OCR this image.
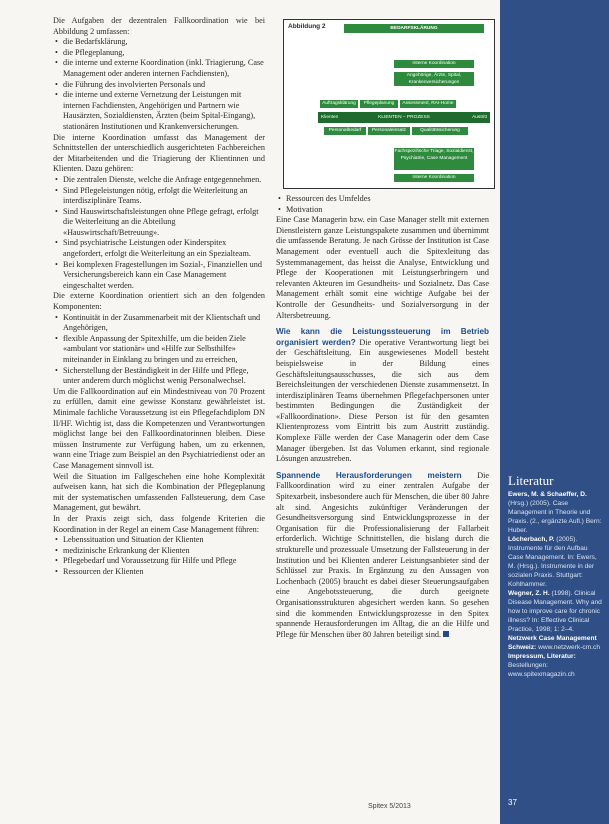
Die Aufgaben der dezentralen Fallkoordination wie bei Abbildung 2 umfassen:

• die Bedarfsklärung,
• die Pflegeplanung,
• die interne und externe Koordination (inkl. Triagierung, Case Management oder anderen internen Fachdiensten),
• die Führung des involvierten Personals und
• die interne und externe Vernetzung der Leistungen mit internen Fachdiensten, Angehörigen und Partnern wie Hausärzten, Sozialdiensten, Ärzten (beim Spital-Eingang), stationären Institutionen und Krankenversicherungen.

Die interne Koordination umfasst das Management der Schnittstellen der unterschiedlich ausgerichteten Fachbereichen der Mitarbeitenden und die Triagierung der Klientinnen und Klienten. Dazu gehören:

• Die zentralen Dienste, welche die Anfrage entgegennehmen.
• Sind Pflegeleistungen nötig, erfolgt die Weiterleitung an interdisziplinäre Teams.
• Sind Hauswirtschaftsleistungen ohne Pflege gefragt, erfolgt die Weiterleitung an die Abteilung «Hauswirtschaft/Betreuung».
• Sind psychiatrische Leistungen oder Kinderspitex angefordert, erfolgt die Weiterleitung an ein Spezialteam.
• Bei komplexen Fragestellungen im Sozial-, Finanziellen und Versicherungsbereich kann ein Case Management eingeschaltet werden.

Die externe Koordination orientiert sich an den folgenden Komponenten:

• Kontinuität in der Zusammenarbeit mit der Klientschaft und Angehörigen,
• flexible Anpassung der Spitexhilfe, um die beiden Ziele «ambulant vor stationär» und «Hilfe zur Selbsthilfe» miteinander in Einklang zu bringen und zu erreichen,
• Sicherstellung der Beständigkeit in der Hilfe und Pflege, unter anderem durch möglichst wenig Personalwechsel.

Um die Fallkoordination auf ein Mindestniveau von 70 Prozent zu erfüllen, damit eine gewisse Konstanz gewährleistet ist. Minimale fachliche Voraussetzung ist ein Pflegefachdiplom DN II/HF. Wichtig ist, dass die Kompetenzen und Verantwortungen möglichst lange bei den Fallkoordinatorinnen bleiben. Diese müssen Instrumente zur Verfügung haben, um zu erkennen, wann eine Triage zum Beispiel an den Psychiatriedienst oder an Case Management sinnvoll ist.

Weil die Situation im Fallgeschehen eine hohe Komplexität aufweisen kann, hat sich die Kombination der Pflegeplanung mit der systematischen umfassenden Fallsteuerung, dem Case Management, gut bewährt.

In der Praxis zeigt sich, dass folgende Kriterien die Koordination in der Regel an einem Case Management führen:

• Lebenssituation und Situation der Klienten
• medizinische Erkrankung der Klienten
• Pflegebedarf und Voraussetzung für Hilfe und Pflege
• Ressourcen der Klienten
Abbildung 2	BEDARFSKLÄRUNG
Interne Koordination
Angehörige, Ärzte, Spital, Krankenversicherungen
Auftragsklärung	Pflegeplanung	Assessment, RAI-Home
Klienten	KLIENTEN – PROZESS	Austritt
Personalbedarf	Personaleinsatz	Qualitätssicherung
Fachspezifische Triage, Sozialdienst, Psychiatrie, Case Management
Interne Koordination
• Ressourcen des Umfeldes
• Motivation

Eine Case Managerin bzw. ein Case Manager stellt mit externen Dienstleistern ganze Leistungspakete zusammen und übernimmt die umfassende Beratung. Je nach Grösse der Institution ist Case Management oder eventuell auch die Spitexleitung das Systemmanagement, das heisst die Analyse, Entwicklung und Pflege der Kooperationen mit Leistungserbringern und relevanten Akteuren im Gesundheits- und Sozialnetz. Das Case Management erhält somit eine wichtige Aufgabe bei der Kontrolle der Gesundheits- und Sozialversorgung in der Altersbetreuung.

Wie kann die Leistungssteuerung im Betrieb organisiert werden? Die operative Verantwortung liegt bei der Geschäftsleitung. Ein ausgewiesenes Modell besteht beispielsweise in der Bildung eines Geschäftsleitungsausschusses, die sich aus dem Bereichsleitungen der verschiedenen Dienste zusammensetzt. In interdisziplinären Teams übernehmen Pflegefachpersonen unter bestimmten Bedingungen die Zuständigkeit der «Fallkoordination». Diese Person ist für den gesamten Klientenprozess vom Eintritt bis zum Austritt zuständig. Komplexe Fälle werden der Case Managerin oder dem Case Manager übergeben. Ist das Volumen erkannt, sind regionale Lösungen anzustreben.

Spannende Herausforderungen meistern Die Fallkoordination wird zu einer zentralen Aufgabe der Spitexarbeit, insbesondere auch für Menschen, die über 80 Jahre alt sind. Angesichts zukünftiger Veränderungen der Gesundheitsversorgung sind Entwicklungsprozesse in der Organisation für die Professionalisierung der Fallarbeit erforderlich. Wichtige Schnittstellen, die bislang durch die strukturelle und prozessuale Umsetzung der Fallsteuerung in der Institution und bei Klienten anderer Leistungsanbieter sind der Schlüssel zur Praxis. In Ergänzung zu den Aussagen von Lochenbach (2005) braucht es dabei dieser Steuerungsaufgaben eine Angebotssteuerung, die durch geeignete Organisationsstrukturen abgesichert werden kann. So gesehen sind die kommenden Entwicklungsprozesse in den Spitex spannende Herausforderungen im Alltag, die an die Hilfe und Pflege für Menschen über 80 Jahren beteiligt sind.

Spitex 5/2013
Literatur
Ewers, M. & Schaeffer, D. (Hrsg.) (2005). Case Management in Theorie und Praxis. (2., ergänzte Aufl.) Bern: Huber.
Löcherbach, P. (2005). Instrumente für den Aufbau Case Management. In: Ewers, M. (Hrsg.). Instrumente in der sozialen Praxis. Stuttgart: Kohlhammer.
Wegner, Z. H. (1998). Clinical Disease Management. Why and how to improve care for chronic illness? In: Effective Clinical Practice, 1998; 1: 2–4.
Netzwerk Case Management Schweiz: www.netzwerk-cm.ch
Impressum, Literatur: Bestellungen: www.spitexmagazin.ch
37
